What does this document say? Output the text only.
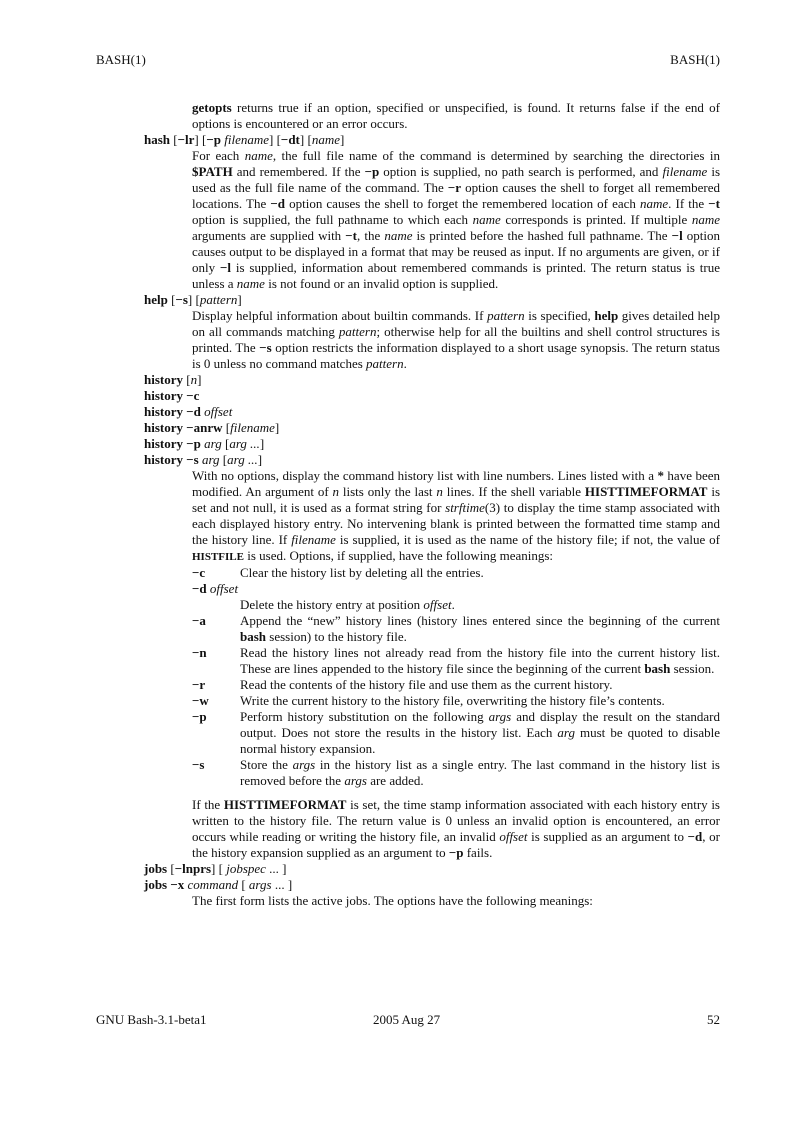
BASH(1)	BASH(1)

getopts returns true if an option, specified or unspecified, is found. It returns false if the end of options is encountered or an error occurs.

hash [−lr] [−p filename] [−dt] [name]

For each name, the full file name of the command is determined by searching the directories in $PATH and remembered. If the −p option is supplied, no path search is performed, and filename is used as the full file name of the command. The −r option causes the shell to forget all remembered locations. The −d option causes the shell to forget the remembered location of each name. If the −t option is supplied, the full pathname to which each name corresponds is printed. If multiple name arguments are supplied with −t, the name is printed before the hashed full pathname. The −l option causes output to be displayed in a format that may be reused as input. If no arguments are given, or if only −l is supplied, information about remembered commands is printed. The return status is true unless a name is not found or an invalid option is supplied.

help [−s] [pattern]

Display helpful information about builtin commands. If pattern is specified, help gives detailed help on all commands matching pattern; otherwise help for all the builtins and shell control structures is printed. The −s option restricts the information displayed to a short usage synopsis. The return status is 0 unless no command matches pattern.

history [n]

history −c

history −d offset

history −anrw [filename]

history −p arg [arg ...]

history −s arg [arg ...]

With no options, display the command history list with line numbers. Lines listed with a * have been modified. An argument of n lists only the last n lines. If the shell variable HISTTIMEFORMAT is set and not null, it is used as a format string for strftime(3) to display the time stamp associated with each displayed history entry. No intervening blank is printed between the formatted time stamp and the history line. If filename is supplied, it is used as the name of the history file; if not, the value of HISTFILE is used. Options, if supplied, have the following meanings:

−c	Clear the history list by deleting all the entries.
−d offset
Delete the history entry at position offset.
−a	Append the “new” history lines (history lines entered since the beginning of the current bash session) to the history file.
−n	Read the history lines not already read from the history file into the current history list. These are lines appended to the history file since the beginning of the current bash session.
−r	Read the contents of the history file and use them as the current history.
−w	Write the current history to the history file, overwriting the history file’s contents.
−p	Perform history substitution on the following args and display the result on the standard output. Does not store the results in the history list. Each arg must be quoted to disable normal history expansion.
−s	Store the args in the history list as a single entry. The last command in the history list is removed before the args are added.

If the HISTTIMEFORMAT is set, the time stamp information associated with each history entry is written to the history file. The return value is 0 unless an invalid option is encountered, an error occurs while reading or writing the history file, an invalid offset is supplied as an argument to −d, or the history expansion supplied as an argument to −p fails.

jobs [−lnprs] [ jobspec ... ]

jobs −x command [ args ... ]

The first form lists the active jobs. The options have the following meanings:

GNU Bash-3.1-beta1	2005 Aug 27	52
